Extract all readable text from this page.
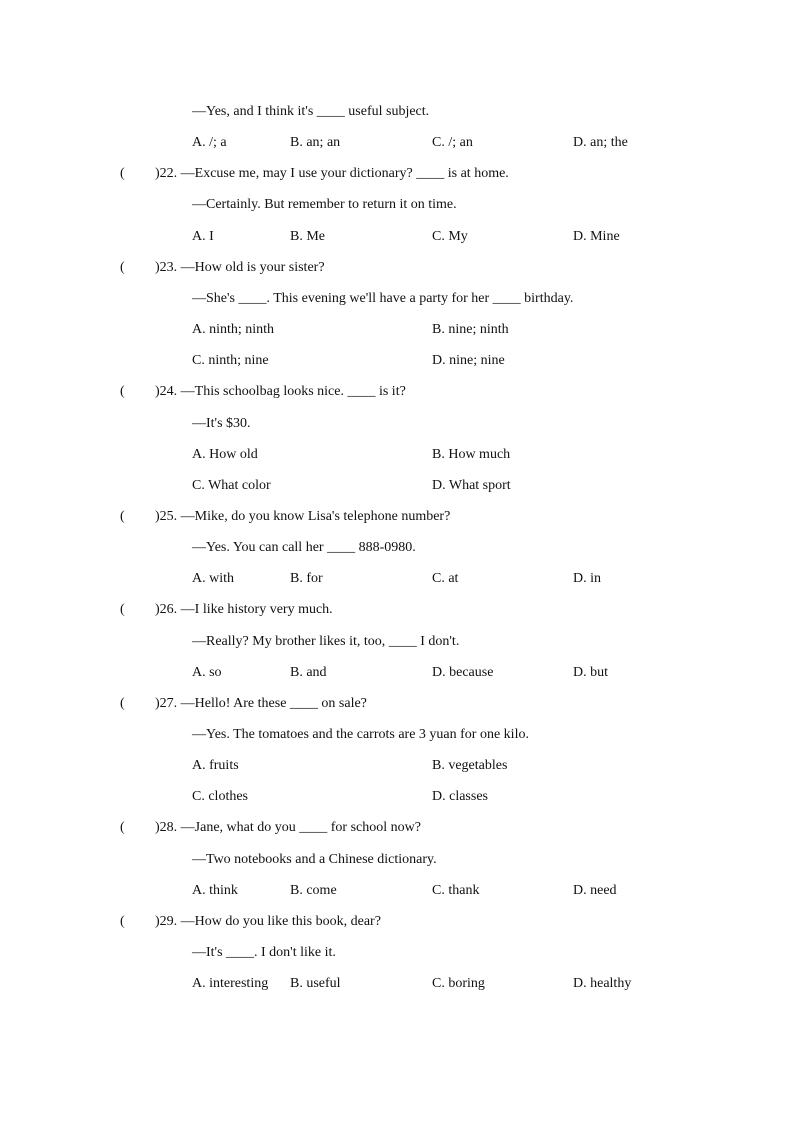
—Yes, and I think it's ____ useful subject.
A. /; a	B. an; an	C. /; an	D. an; the
( )22. —Excuse me, may I use your dictionary? ____ is at home.
—Certainly. But remember to return it on time.
A. I	B. Me	C. My	D. Mine
( )23. —How old is your sister?
—She's ____. This evening we'll have a party for her ____ birthday.
A. ninth; ninth	B. nine; ninth
C. ninth; nine	D. nine; nine
( )24. —This schoolbag looks nice. ____ is it?
—It's $30.
A. How old	B. How much
C. What color	D. What sport
( )25. —Mike, do you know Lisa's telephone number?
—Yes. You can call her ____ 888-0980.
A. with	B. for	C. at	D. in
( )26. —I like history very much.
—Really? My brother likes it, too, ____ I don't.
A. so	B. and	D. because	D. but
( )27. —Hello! Are these ____ on sale?
—Yes. The tomatoes and the carrots are 3 yuan for one kilo.
A. fruits	B. vegetables
C. clothes	D. classes
( )28. —Jane, what do you ____ for school now?
—Two notebooks and a Chinese dictionary.
A. think	B. come	C. thank	D. need
( )29. —How do you like this book, dear?
—It's ____. I don't like it.
A. interesting B. useful	C. boring	D. healthy
